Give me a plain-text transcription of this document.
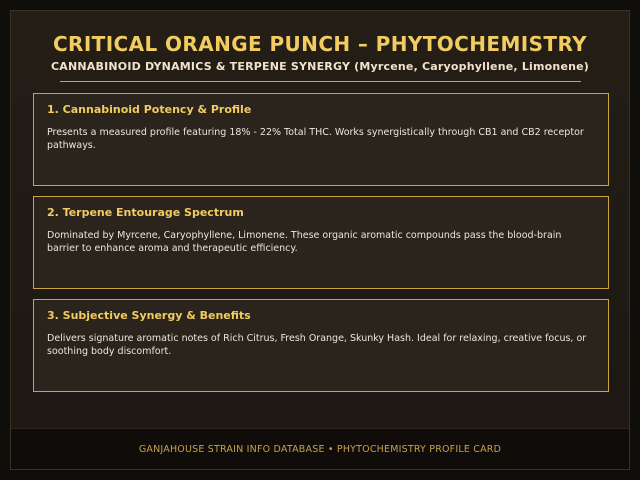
CRITICAL ORANGE PUNCH – PHYTOCHEMISTRY
CANNABINOID DYNAMICS & TERPENE SYNERGY (Myrcene, Caryophyllene, Limonene)
1. Cannabinoid Potency & Profile
Presents a measured profile featuring 18% - 22% Total THC. Works synergistically through CB1 and CB2 receptor pathways.
2. Terpene Entourage Spectrum
Dominated by Myrcene, Caryophyllene, Limonene. These organic aromatic compounds pass the blood-brain barrier to enhance aroma and therapeutic efficiency.
3. Subjective Synergy & Benefits
Delivers signature aromatic notes of Rich Citrus, Fresh Orange, Skunky Hash. Ideal for relaxing, creative focus, or soothing body discomfort.
GANJAHOUSE STRAIN INFO DATABASE • PHYTOCHEMISTRY PROFILE CARD
